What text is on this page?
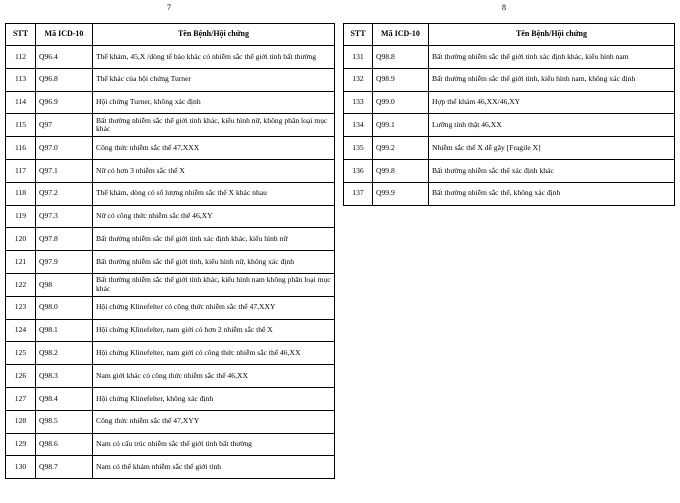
7	8
STT	Mã ICD-10	Tên Bệnh/Hội chứng
112	Q96.4	Thể khảm, 45,X /dòng tế bào khác có nhiễm sắc thể giới tính bất thường
113	Q96.8	Thể khác của hội chứng Turner
114	Q96.9	Hội chứng Turner, không xác định
115	Q97	Bất thường nhiễm sắc thể giới tính khác, kiểu hình nữ, không phân loại mục khác
116	Q97.0	Công thức nhiễm sắc thể 47,XXX
117	Q97.1	Nữ có hơn 3 nhiễm sắc thể X
118	Q97.2	Thể khảm, dòng có số lượng nhiễm sắc thể X khác nhau
119	Q97.3	Nữ có công thức nhiễm sắc thể 46,XY
120	Q97.8	Bất thường nhiễm sắc thể giới tính xác định khác, kiểu hình nữ
121	Q97.9	Bất thường nhiễm sắc thể giới tính, kiểu hình nữ, không xác định
122	Q98	Bất thường nhiễm sắc thể giới tính khác, kiểu hình nam không phân loại mục khác
123	Q98.0	Hội chứng Klinefelter có công thức nhiễm sắc thể 47,XXY
124	Q98.1	Hội chứng Klinefelter, nam giới có hơn 2 nhiễm sắc thể X
125	Q98.2	Hội chứng Klinefelter, nam giới có công thức nhiễm sắc thể 46,XX
126	Q98.3	Nam giới khác có công thức nhiễm sắc thể 46,XX
127	Q98.4	Hội chứng Klinefelter, không xác định
128	Q98.5	Công thức nhiễm sắc thể 47,XYY
129	Q98.6	Nam có cấu trúc nhiễm sắc thể giới tính bất thường
130	Q98.7	Nam có thể khảm nhiễm sắc thể giới tính
STT	Mã ICD-10	Tên Bệnh/Hội chứng
131	Q98.8	Bất thường nhiễm sắc thể giới tính xác định khác, kiểu hình nam
132	Q98.9	Bất thường nhiễm sắc thể giới tính, kiểu hình nam, không xác định
133	Q99.0	Hợp thể khảm 46,XX/46,XY
134	Q99.1	Lưỡng tính thật 46,XX
135	Q99.2	Nhiễm sắc thể X dễ gãy [Fragile X]
136	Q99.8	Bất thường nhiễm sắc thể xác định khác
137	Q99.9	Bất thường nhiễm sắc thể, không xác định
